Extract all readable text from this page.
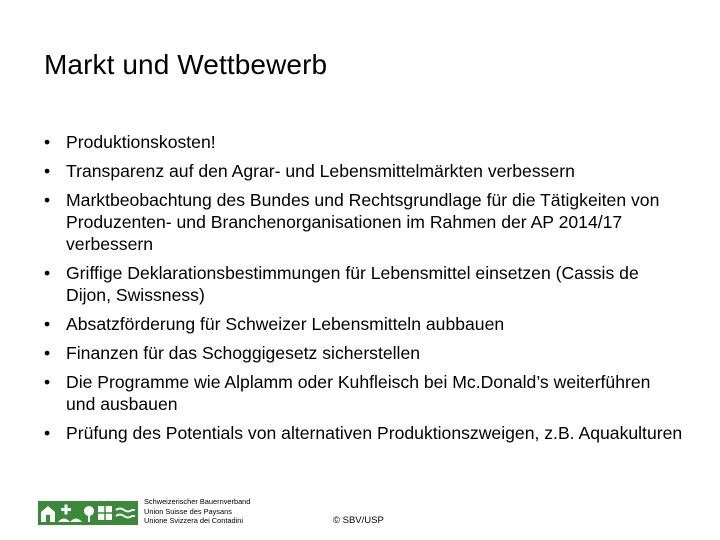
Markt und Wettbewerb
• Produktionskosten!
• Transparenz auf den Agrar- und Lebensmittelmärkten verbessern
• Marktbeobachtung des Bundes und Rechtsgrundlage für die Tätigkeiten von Produzenten- und Branchenorganisationen im Rahmen der AP 2014/17 verbessern
• Griffige Deklarationsbestimmungen für Lebensmittel einsetzen (Cassis de Dijon, Swissness)
• Absatzförderung für Schweizer Lebensmitteln aubbauen
• Finanzen für das Schoggigesetz sicherstellen
• Die Programme wie Alplamm oder Kuhfleisch bei Mc.Donald’s weiterführen und ausbauen
• Prüfung des Potentials von alternativen Produktionszweigen, z.B. Aquakulturen
Schweizerischer Bauernverband
Union Suisse des Paysans
Unione Svizzera dei Contadini	© SBV/USP
